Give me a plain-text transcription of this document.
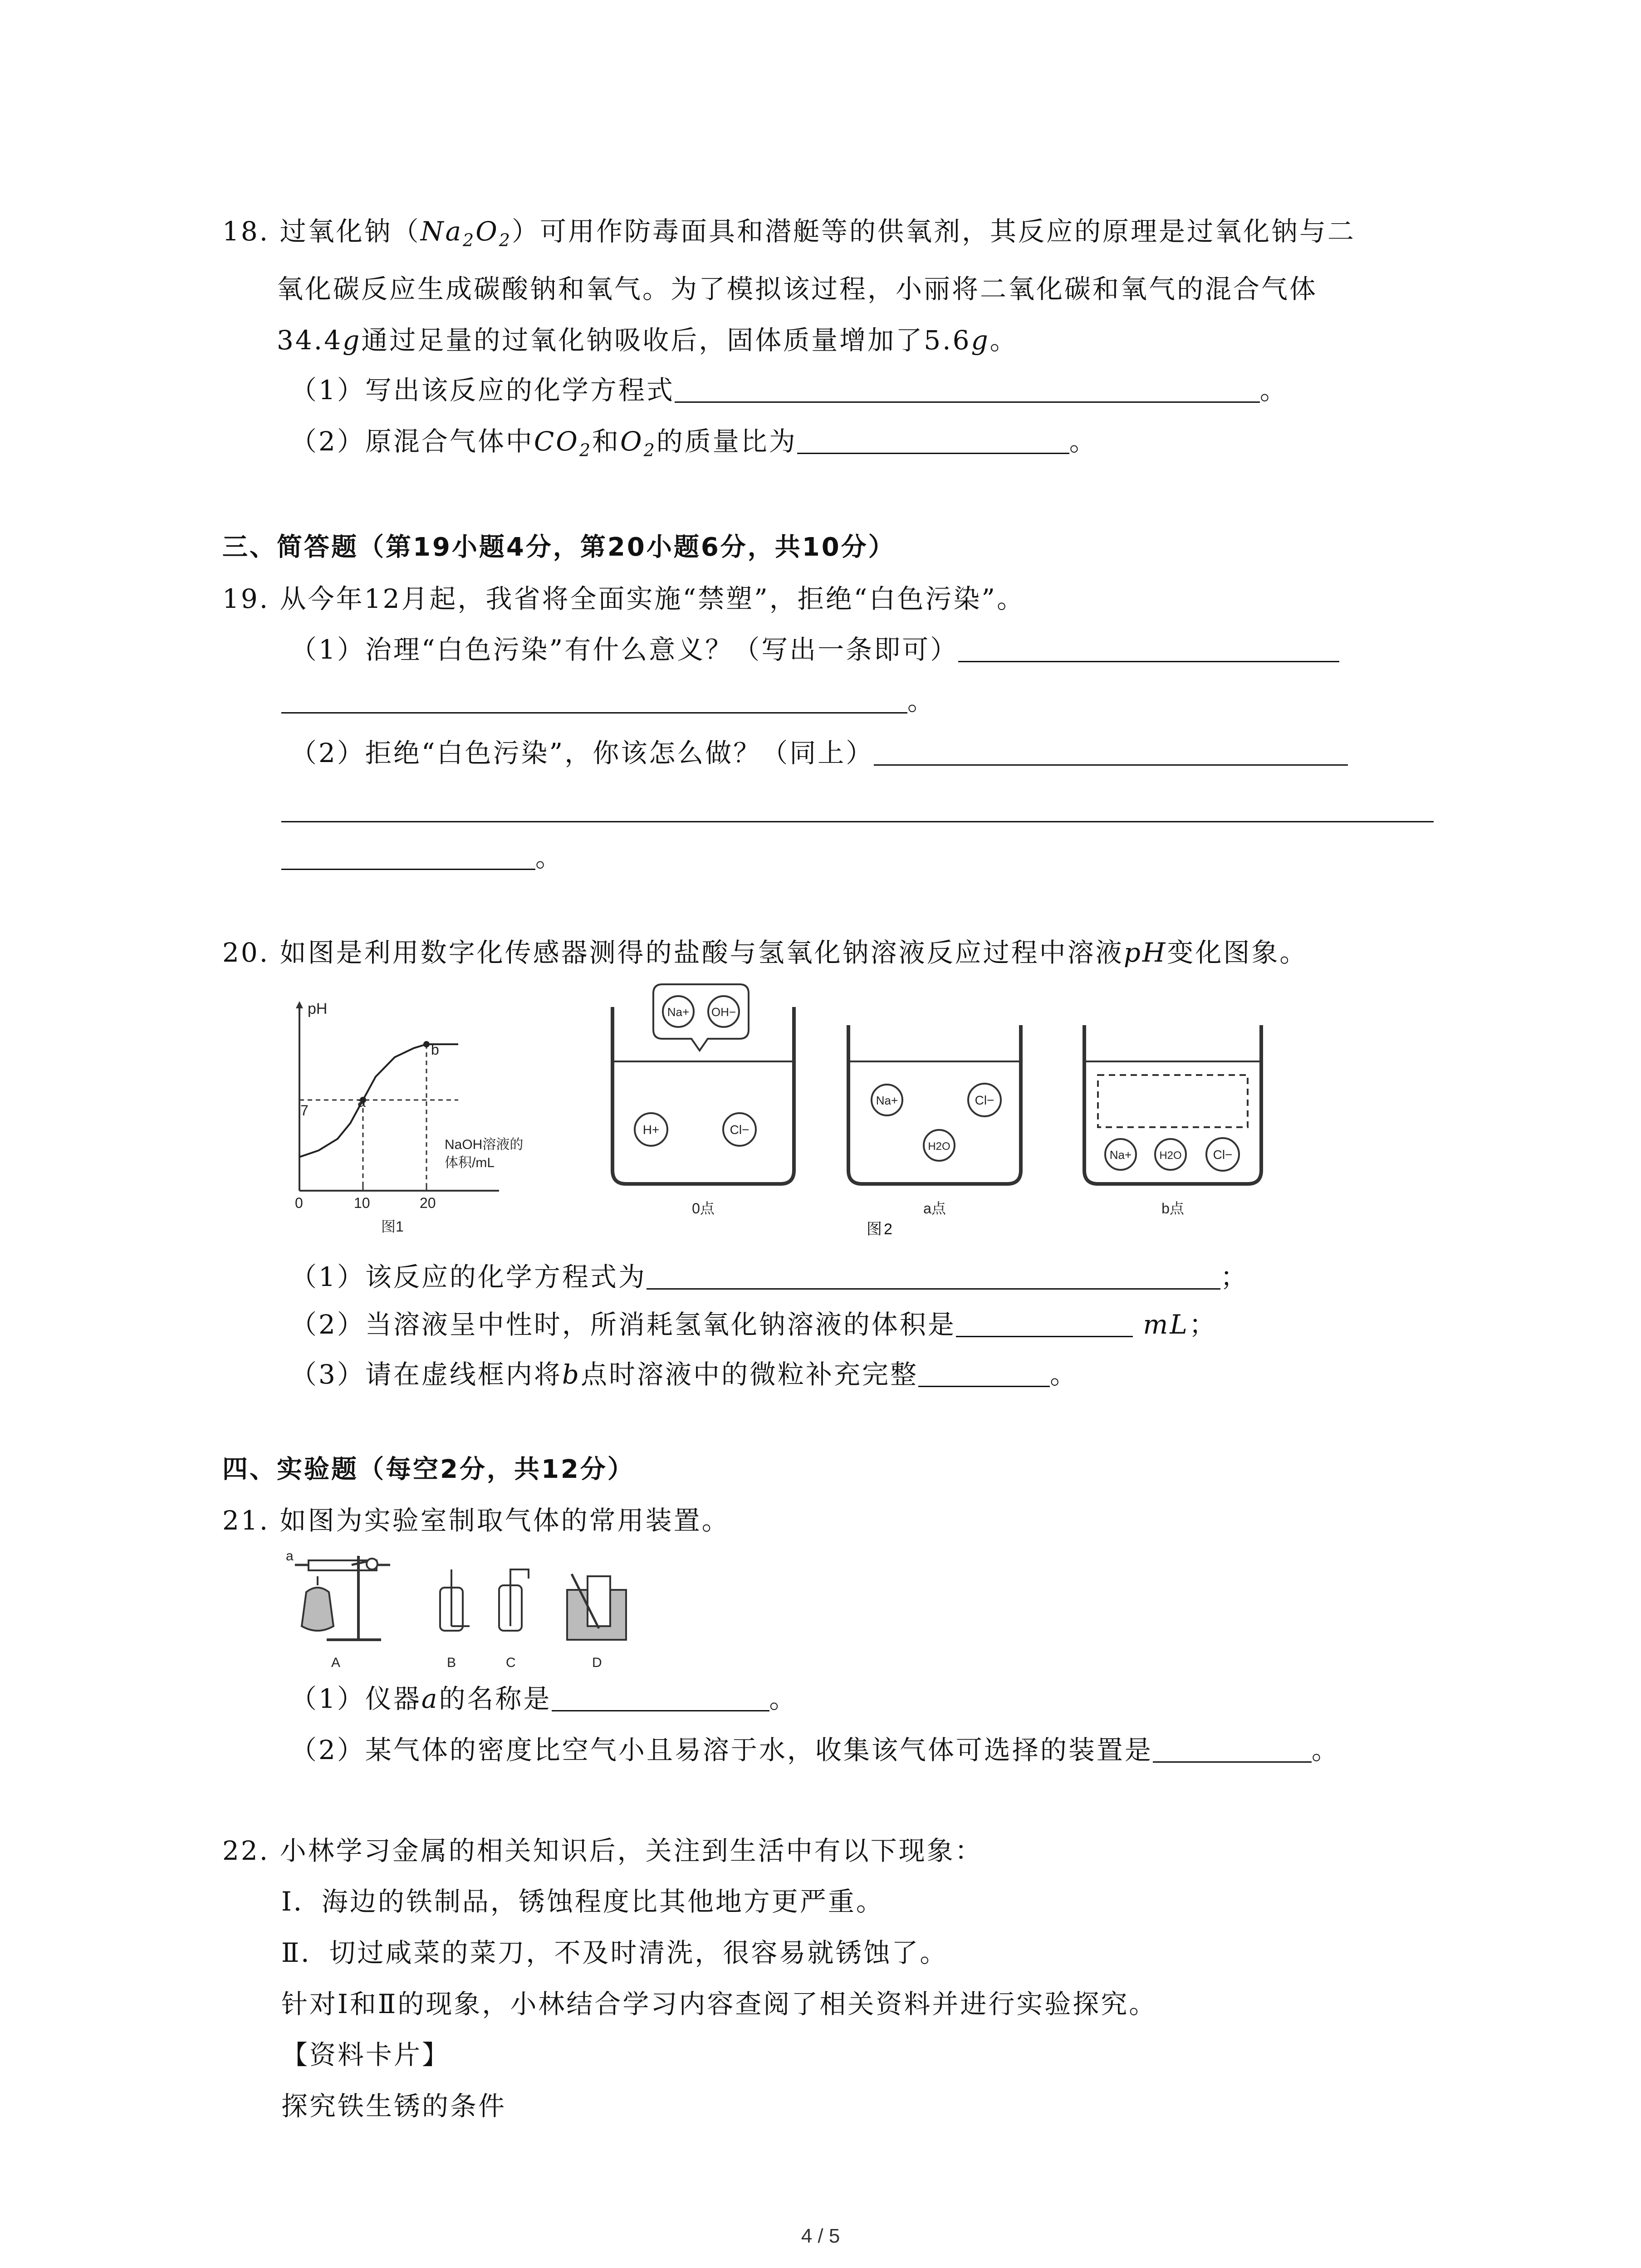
18. 过氧化钠$(Na_2O_2)$可用作防毒面具和潜艇等的供氧剂，其反应的原理是过氧化钠与二
氧化碳反应生成碳酸钠和氧气。为了模拟该过程，小丽将二氧化碳和氧气的混合气体
34.4g通过足量的过氧化钠吸收后，固体质量增加了5.6g。
（1）写出该反应的化学方程式	。
（2）原混合气体中$CO_2$和$O_2$的质量比为	。
三、简答题（第19小题4分，第20小题6分，共10分）
19. 从今年12月起，我省将全面实施“禁塑”，拒绝“白色污染”。
（1）治理“白色污染”有什么意义？（写出一条即可）
。
（2）拒绝“白色污染”，你该怎么做？（同上）
。
20. 如图是利用数字化传感器测得的盐酸与氢氧化钠溶液反应过程中溶液pH变化图象。
pH
7
a
b
NaOH溶液的
体积/mL
0	10	20
图1
Na+ OH−
H+	Cl−
0点
Na+	Cl−
H2O
a点
Na+	H2O Cl−
b点
图2
（1）该反应的化学方程式为	；
（2）当溶液呈中性时，所消耗氢氧化钠溶液的体积是	mL；
（3）请在虚线框内将b点时溶液中的微粒补充完整	。
四、实验题（每空2分，共12分）
21. 如图为实验室制取气体的常用装置。
a
A	B	C	D
（1）仪器a的名称是	。
（2）某气体的密度比空气小且易溶于水，收集该气体可选择的装置是	。
22. 小林学习金属的相关知识后，关注到生活中有以下现象：
Ⅰ．海边的铁制品，锈蚀程度比其他地方更严重。
Ⅱ．切过咸菜的菜刀，不及时清洗，很容易就锈蚀了。
针对Ⅰ和Ⅱ的现象，小林结合学习内容查阅了相关资料并进行实验探究。
【资料卡片】
探究铁生锈的条件
4 / 5
